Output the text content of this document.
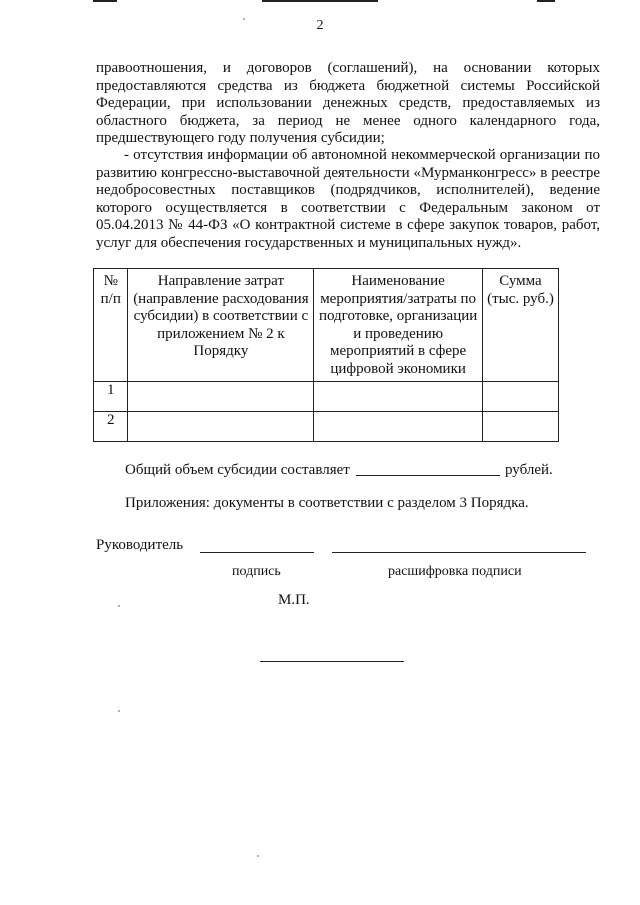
2
правоотношения, и договоров (соглашений), на основании которых предоставляются средства из бюджета бюджетной системы Российской Федерации, при использовании денежных средств, предоставляемых из областного бюджета, за период не менее одного календарного года, предшествующего году получения субсидии;
- отсутствия информации об автономной некоммерческой организации по развитию конгрессно-выставочной деятельности «Мурманконгресс» в реестре недобросовестных поставщиков (подрядчиков, исполнителей), ведение которого осуществляется в соответствии с Федеральным законом от 05.04.2013 № 44-ФЗ «О контрактной системе в сфере закупок товаров, работ, услуг для обеспечения государственных и муниципальных нужд».
№ п/п	Направление затрат (направление расходования субсидии) в соответствии с приложением № 2 к Порядку	Наименование мероприятия/затраты по подготовке, организации и проведению мероприятий в сфере цифровой экономики	Сумма (тыс. руб.)
1			
2			
Общий объем субсидии составляет	рублей.
Приложения: документы в соответствии с разделом 3 Порядка.
Руководитель
подпись	расшифровка подписи
М.П.
